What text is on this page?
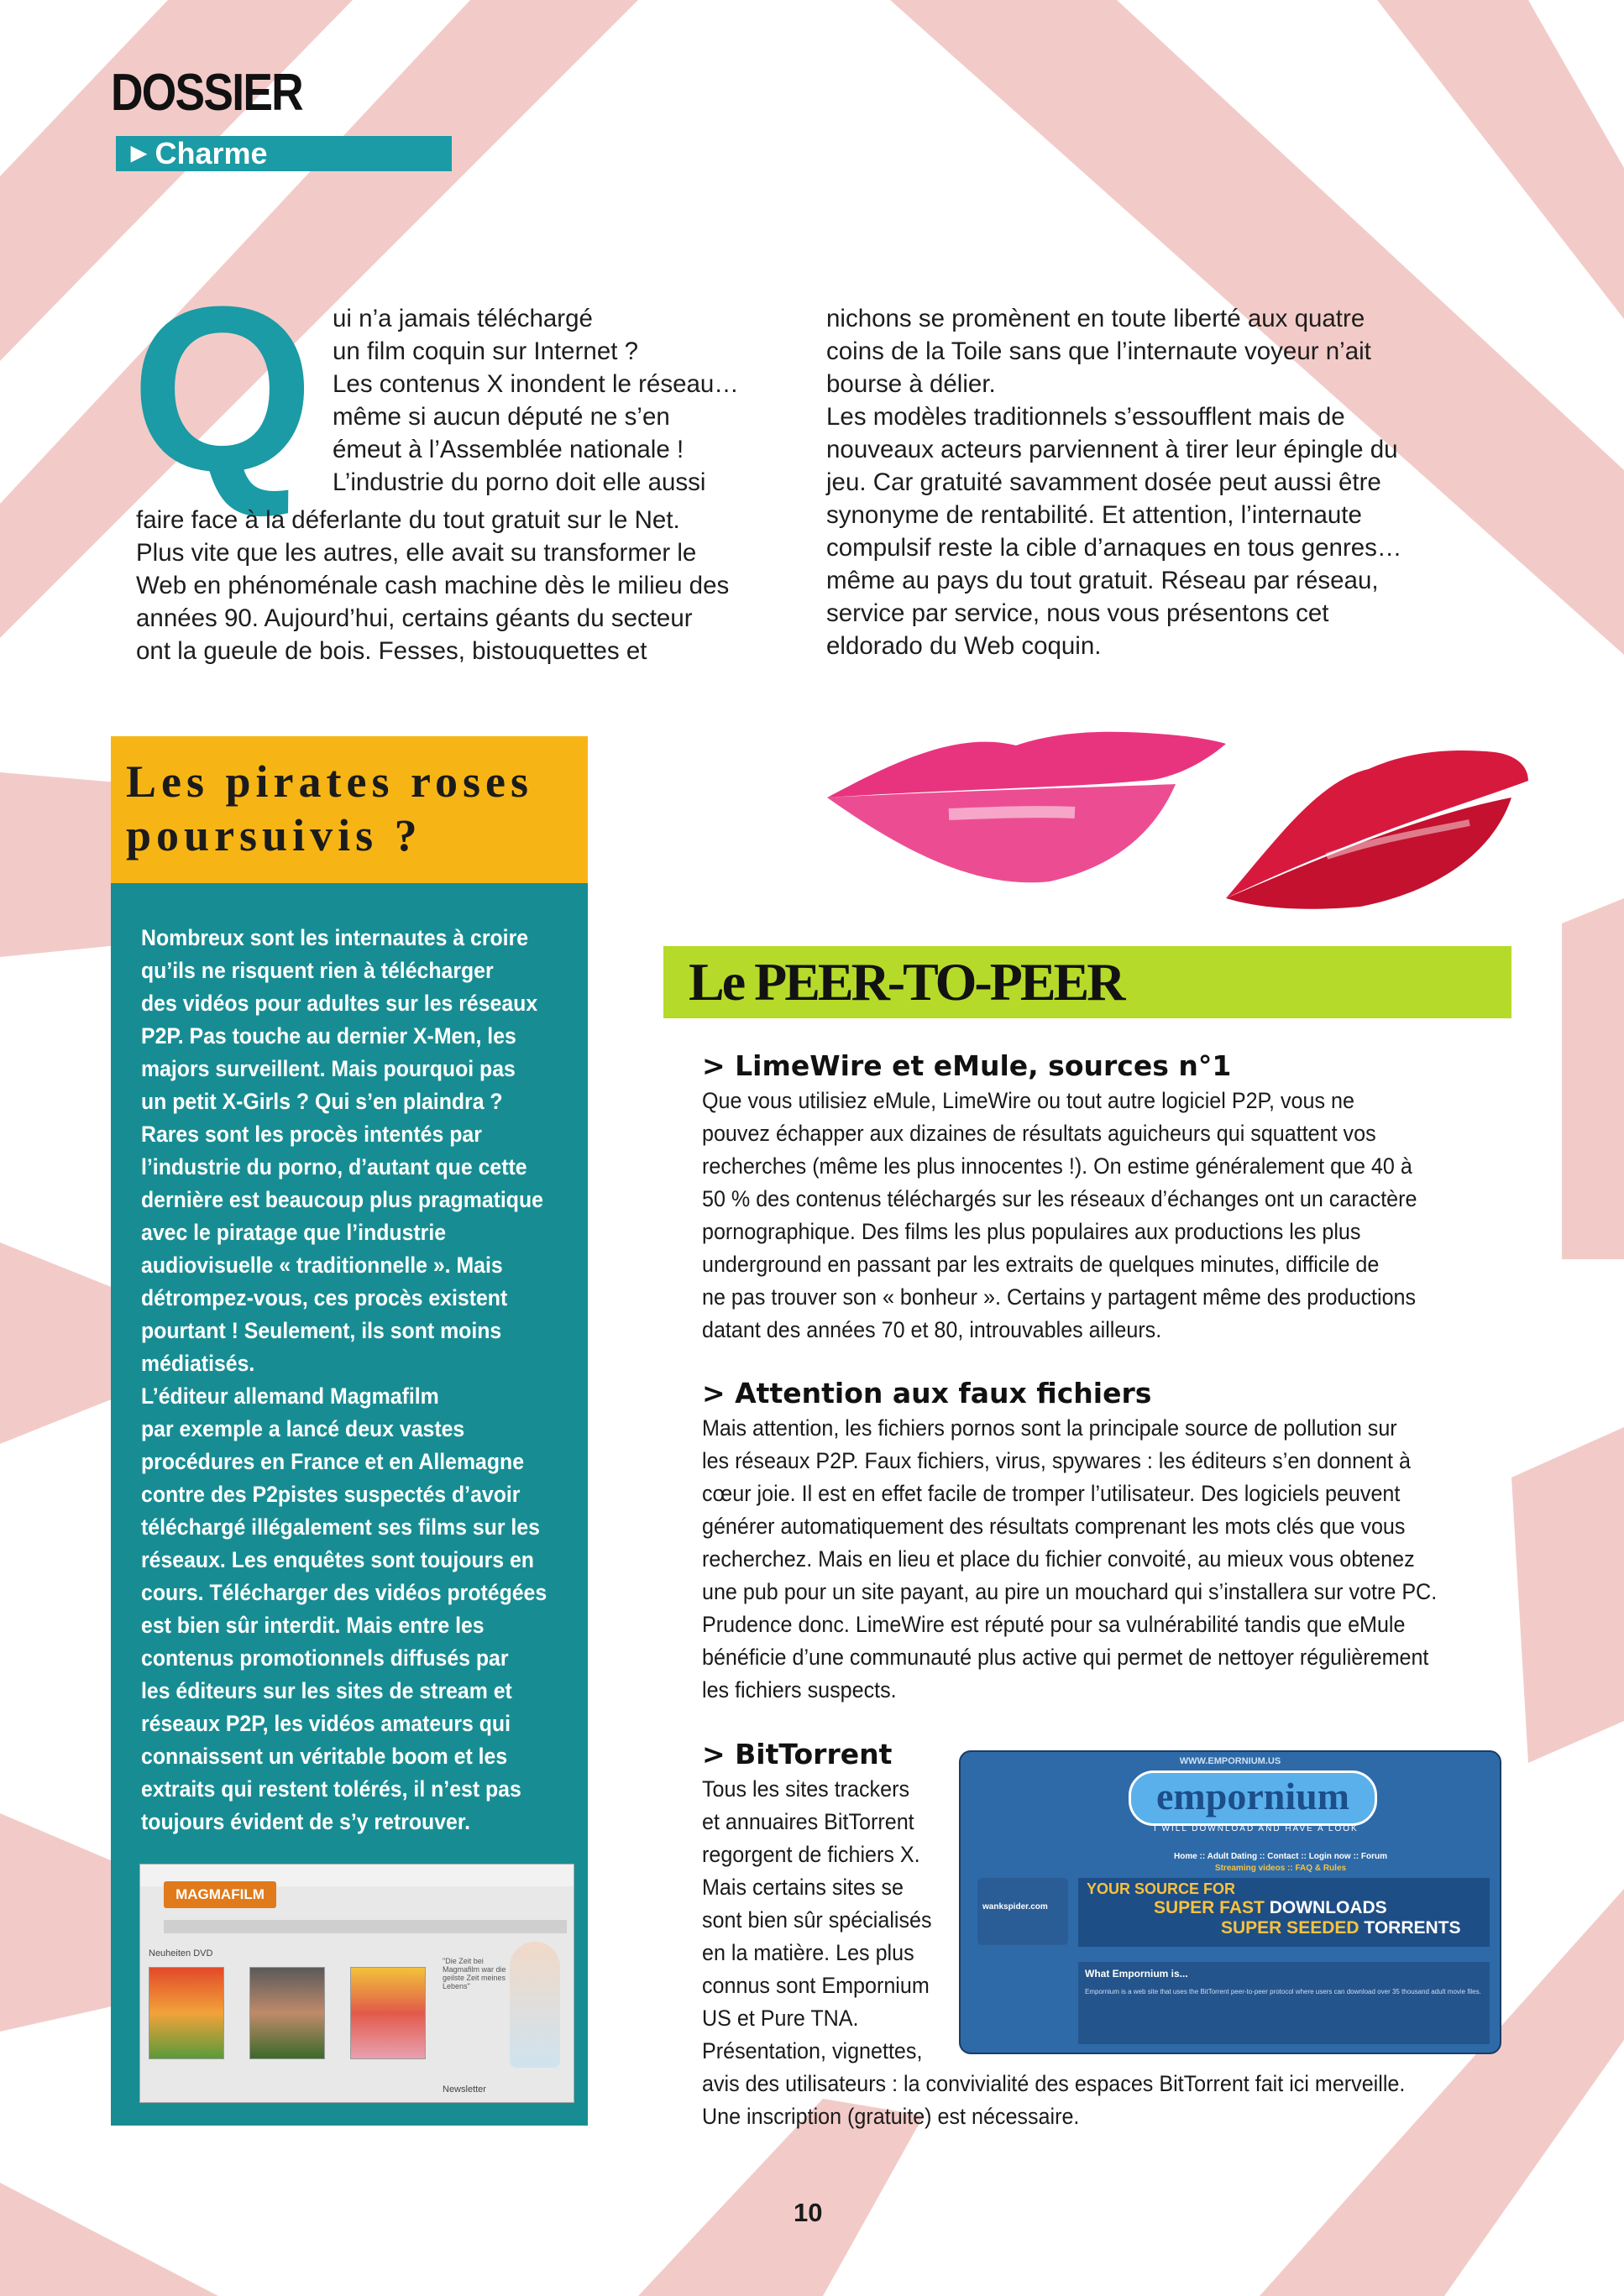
DOSSIER
▶ Charme
Q ui n’a jamais téléchargé

un film coquin sur Internet ?

Les contenus X inondent le réseau…

même si aucun député ne s’en

émeut à l’Assemblée nationale !

L’industrie du porno doit elle aussi

faire face à la déferlante du tout gratuit sur le Net.

Plus vite que les autres, elle avait su transformer le

Web en phénoménale cash machine dès le milieu des

années 90. Aujourd’hui, certains géants du secteur

ont la gueule de bois. Fesses, bistouquettes et

nichons se promènent en toute liberté aux quatre

coins de la Toile sans que l’internaute voyeur n’ait

bourse à délier.

Les modèles traditionnels s’essoufflent mais de

nouveaux acteurs parviennent à tirer leur épingle du

jeu. Car gratuité savamment dosée peut aussi être

synonyme de rentabilité. Et attention, l’internaute

compulsif reste la cible d’arnaques en tous genres…

même au pays du tout gratuit. Réseau par réseau,

service par service, nous vous présentons cet

eldorado du Web coquin.

Les pirates roses
poursuivis ?

Nombreux sont les internautes à croire

qu’ils ne risquent rien à télécharger

des vidéos pour adultes sur les réseaux

P2P. Pas touche au dernier X-Men, les

majors surveillent. Mais pourquoi pas

un petit X-Girls ? Qui s’en plaindra ?

Rares sont les procès intentés par

l’industrie du porno, d’autant que cette

dernière est beaucoup plus pragmatique

avec le piratage que l’industrie

audiovisuelle « traditionnelle ». Mais

détrompez-vous, ces procès existent

pourtant ! Seulement, ils sont moins

médiatisés.

L’éditeur allemand Magmafilm

par exemple a lancé deux vastes

procédures en France et en Allemagne

contre des P2pistes suspectés d’avoir

téléchargé illégalement ses films sur les

réseaux. Les enquêtes sont toujours en

cours. Télécharger des vidéos protégées

est bien sûr interdit. Mais entre les

contenus promotionnels diffusés par

les éditeurs sur les sites de stream et

réseaux P2P, les vidéos amateurs qui

connaissent un véritable boom et les

extraits qui restent tolérés, il n’est pas

toujours évident de s’y retrouver.

MAGMAFILM
Neuheiten DVD
"Die Zeit bei Magmafilm war die geilste Zeit meines Lebens"
Newsletter
Le PEER-TO-PEER
> LimeWire et eMule, sources n°1

Que vous utilisiez eMule, LimeWire ou tout autre logiciel P2P, vous ne

pouvez échapper aux dizaines de résultats aguicheurs qui squattent vos

recherches (même les plus innocentes !). On estime généralement que 40 à

50 % des contenus téléchargés sur les réseaux d’échanges ont un caractère

pornographique. Des films les plus populaires aux productions les plus

underground en passant par les extraits de quelques minutes, difficile de

ne pas trouver son « bonheur ». Certains y partagent même des productions

datant des années 70 et 80, introuvables ailleurs.

> Attention aux faux fichiers

Mais attention, les fichiers pornos sont la principale source de pollution sur

les réseaux P2P. Faux fichiers, virus, spywares : les éditeurs s’en donnent à

cœur joie. Il est en effet facile de tromper l’utilisateur. Des logiciels peuvent

générer automatiquement des résultats comprenant les mots clés que vous

recherchez. Mais en lieu et place du fichier convoité, au mieux vous obtenez

une pub pour un site payant, au pire un mouchard qui s’installera sur votre PC.

Prudence donc. LimeWire est réputé pour sa vulnérabilité tandis que eMule

bénéficie d’une communauté plus active qui permet de nettoyer régulièrement

les fichiers suspects.

> BitTorrent

Tous les sites trackers

et annuaires BitTorrent

regorgent de fichiers X.

Mais certains sites se

sont bien sûr spécialisés

en la matière. Les plus

connus sont Empornium

US et Pure TNA.

Présentation, vignettes,

avis des utilisateurs : la convivialité des espaces BitTorrent fait ici merveille.

Une inscription (gratuite) est nécessaire.

WWW.EMPORNIUM.US
empornium
I WILL DOWNLOAD AND HAVE A LOOK
Home :: Adult Dating :: Contact :: Login now :: Forum
Streaming videos :: FAQ & Rules
wankspider.com
YOUR SOURCE FOR
SUPER FAST DOWNLOADS
SUPER SEEDED TORRENTS
What Empornium is...
Empornium is a web site that uses the BitTorrent peer-to-peer protocol where users can download over 35 thousand adult movie files.
10
